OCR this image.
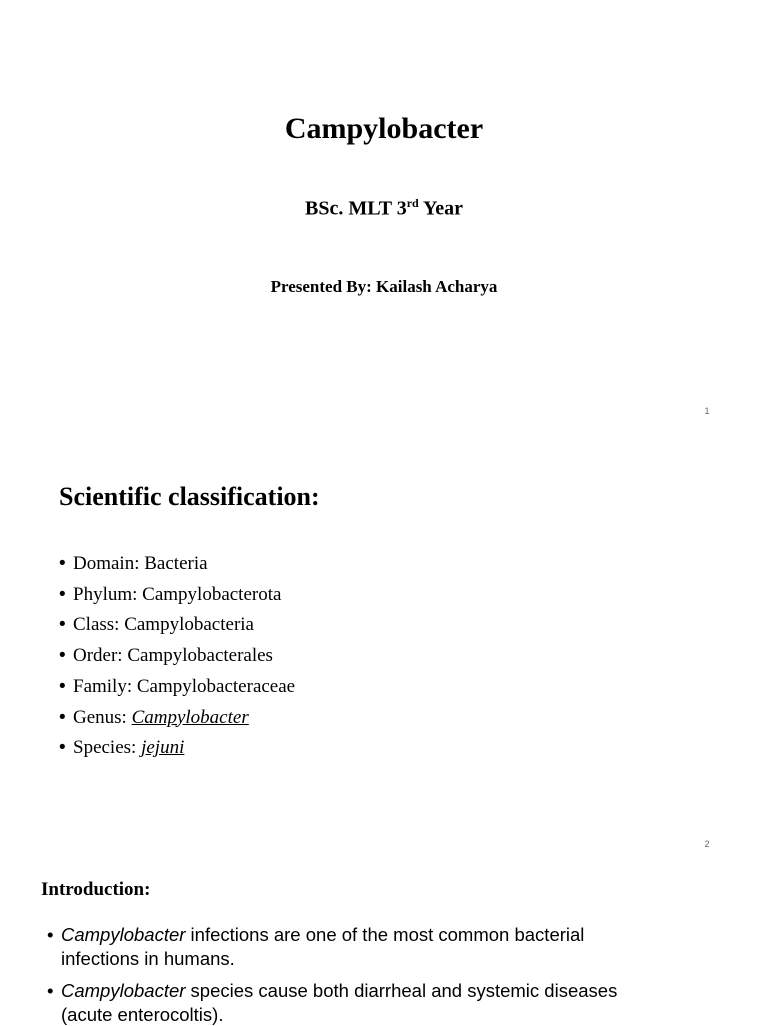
Campylobacter
BSc. MLT 3rd Year
Presented By: Kailash Acharya
1
Scientific classification:
• Domain: Bacteria
• Phylum: Campylobacterota
• Class: Campylobacteria
• Order: Campylobacterales
• Family: Campylobacteraceae
• Genus: Campylobacter
• Species: jejuni
2
Introduction:
• Campylobacter infections are one of the most common bacterial
infections in humans.
• Campylobacter species cause both diarrheal and systemic diseases
(acute enterocoltis).
